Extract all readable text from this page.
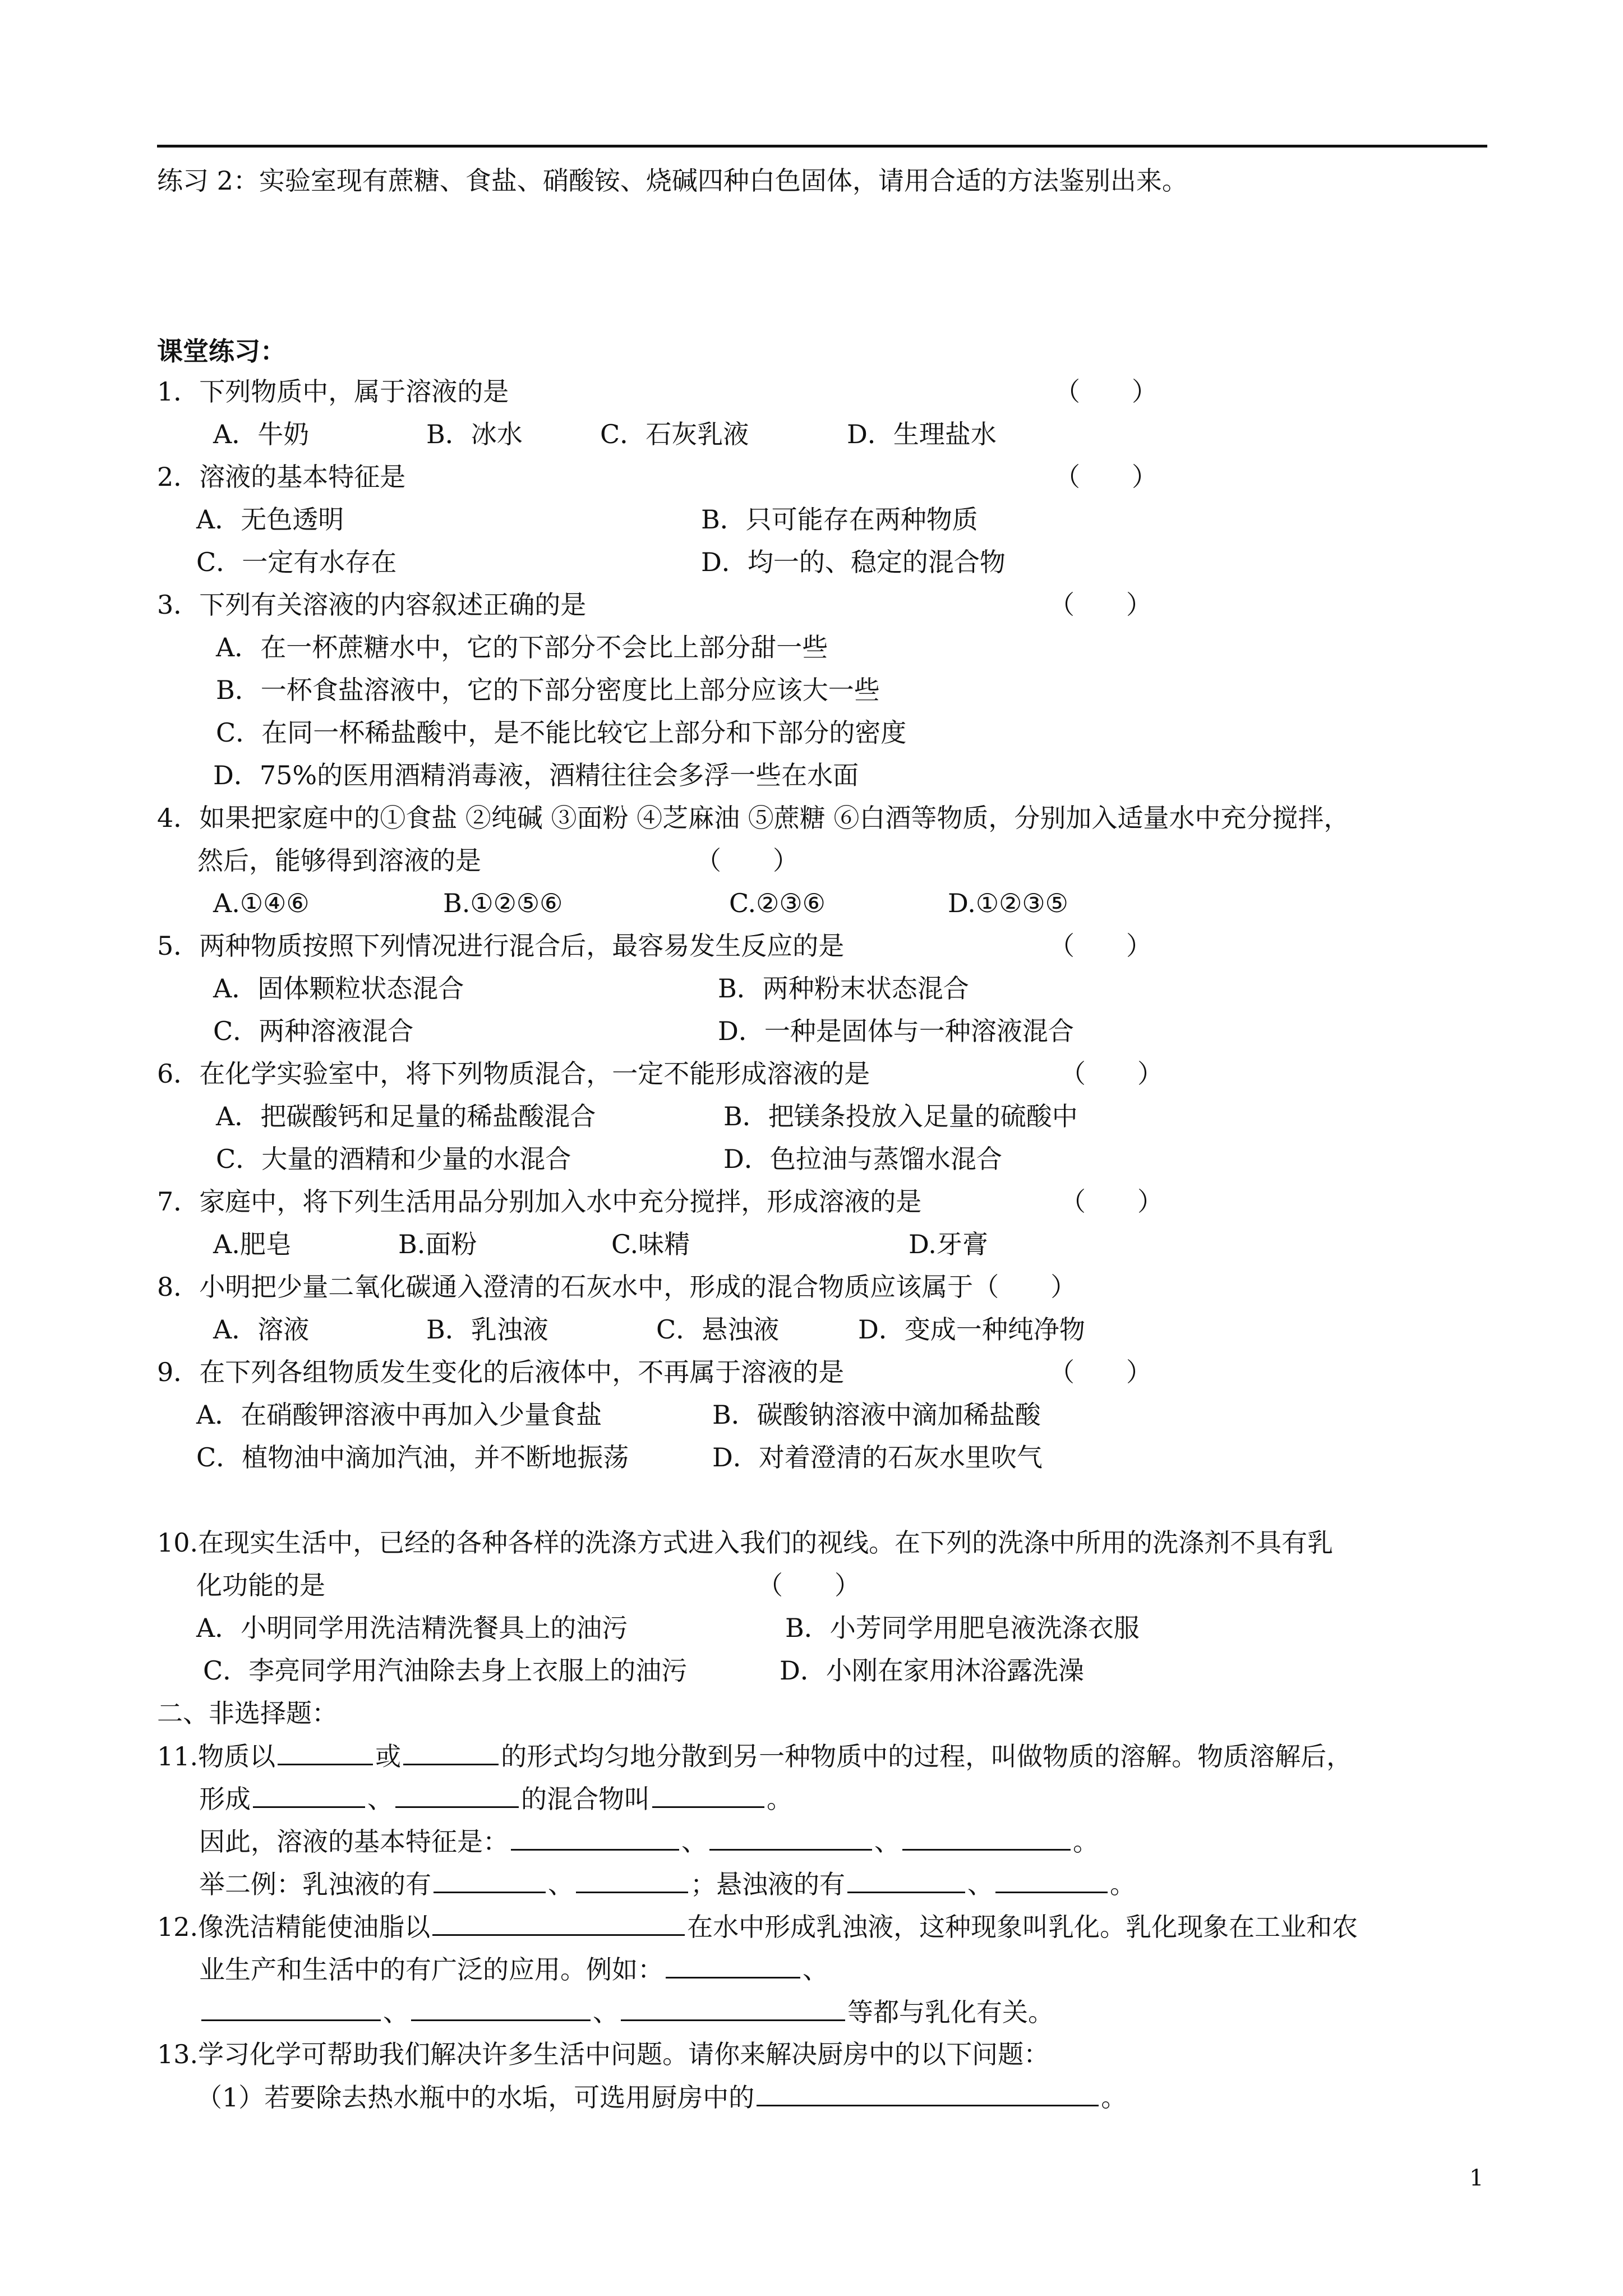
练习 2：实验室现有蔗糖、食盐、硝酸铵、烧碱四种白色固体，请用合适的方法鉴别出来。
课堂练习：
1．下列物质中，属于溶液的是	（　　）
A．牛奶	B．冰水	C．石灰乳液	D．生理盐水
2．溶液的基本特征是	（　　）
A．无色透明	B．只可能存在两种物质
C．一定有水存在	D．均一的、稳定的混合物
3．下列有关溶液的内容叙述正确的是	（　　）
A．在一杯蔗糖水中，它的下部分不会比上部分甜一些
B．一杯食盐溶液中，它的下部分密度比上部分应该大一些
C．在同一杯稀盐酸中，是不能比较它上部分和下部分的密度
D．75%的医用酒精消毒液，酒精往往会多浮一些在水面
4．如果把家庭中的①食盐 ②纯碱 ③面粉 ④芝麻油 ⑤蔗糖 ⑥白酒等物质，分别加入适量水中充分搅拌，
然后，能够得到溶液的是	（　　）
A.①④⑥	B.①②⑤⑥	C.②③⑥	D.①②③⑤
5．两种物质按照下列情况进行混合后，最容易发生反应的是	（　　）
A．固体颗粒状态混合	B．两种粉末状态混合
C．两种溶液混合	D．一种是固体与一种溶液混合
6．在化学实验室中，将下列物质混合，一定不能形成溶液的是	（　　）
A．把碳酸钙和足量的稀盐酸混合	B．把镁条投放入足量的硫酸中
C．大量的酒精和少量的水混合	D．色拉油与蒸馏水混合
7．家庭中，将下列生活用品分别加入水中充分搅拌，形成溶液的是	（　　）
A.肥皂	B.面粉	C.味精	D.牙膏
8．小明把少量二氧化碳通入澄清的石灰水中，形成的混合物质应该属于（　　）
A．溶液	B．乳浊液	C．悬浊液	D．变成一种纯净物
9．在下列各组物质发生变化的后液体中，不再属于溶液的是	（　　）
A．在硝酸钾溶液中再加入少量食盐	B．碳酸钠溶液中滴加稀盐酸
C．植物油中滴加汽油，并不断地振荡	D．对着澄清的石灰水里吹气
10.在现实生活中，已经的各种各样的洗涤方式进入我们的视线。在下列的洗涤中所用的洗涤剂不具有乳
化功能的是	（　　）
A．小明同学用洗洁精洗餐具上的油污	B．小芳同学用肥皂液洗涤衣服
C．李亮同学用汽油除去身上衣服上的油污	D．小刚在家用沐浴露洗澡
二、非选择题：
11.物质以	或	的形式均匀地分散到另一种物质中的过程，叫做物质的溶解。物质溶解后，
形成	、	的混合物叫	。
因此，溶液的基本特征是：	、	、	。
举二例：乳浊液的有	、	；悬浊液的有	、	。
12.像洗洁精能使油脂以	在水中形成乳浊液，这种现象叫乳化。乳化现象在工业和农
业生产和生活中的有广泛的应用。例如：	、
、	、	等都与乳化有关。
13.学习化学可帮助我们解决许多生活中问题。请你来解决厨房中的以下问题：
（1）若要除去热水瓶中的水垢，可选用厨房中的	。
1
